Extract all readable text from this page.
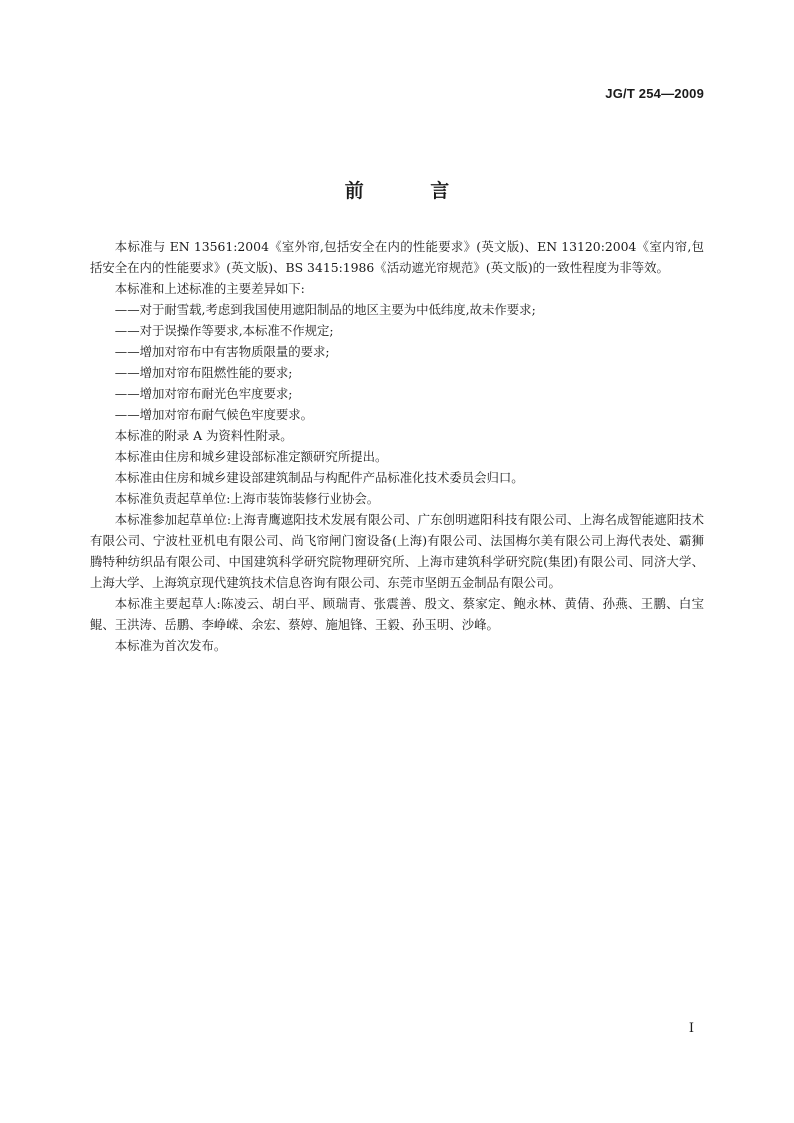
JG/T 254—2009
前 言

本标准与 EN 13561:2004《室外帘,包括安全在内的性能要求》(英文版)、EN 13120:2004《室内帘,包括安全在内的性能要求》(英文版)、BS 3415:1986《活动遮光帘规范》(英文版)的一致性程度为非等效。

本标准和上述标准的主要差异如下:

——对于耐雪载,考虑到我国使用遮阳制品的地区主要为中低纬度,故未作要求;

——对于误操作等要求,本标准不作规定;

——增加对帘布中有害物质限量的要求;

——增加对帘布阻燃性能的要求;

——增加对帘布耐光色牢度要求;

——增加对帘布耐气候色牢度要求。

本标准的附录 A 为资料性附录。

本标准由住房和城乡建设部标准定额研究所提出。

本标准由住房和城乡建设部建筑制品与构配件产品标准化技术委员会归口。

本标准负责起草单位:上海市装饰装修行业协会。

本标准参加起草单位:上海青鹰遮阳技术发展有限公司、广东创明遮阳科技有限公司、上海名成智能遮阳技术有限公司、宁波杜亚机电有限公司、尚飞帘闸门窗设备(上海)有限公司、法国梅尔美有限公司上海代表处、霸狮腾特种纺织品有限公司、中国建筑科学研究院物理研究所、上海市建筑科学研究院(集团)有限公司、同济大学、上海大学、上海筑京现代建筑技术信息咨询有限公司、东莞市坚朗五金制品有限公司。

本标准主要起草人:陈凌云、胡白平、顾瑞青、张震善、殷文、蔡家定、鲍永林、黄倩、孙燕、王鹏、白宝鲲、王洪涛、岳鹏、李峥嵘、余宏、蔡婷、施旭锋、王毅、孙玉明、沙峰。

本标准为首次发布。

I
